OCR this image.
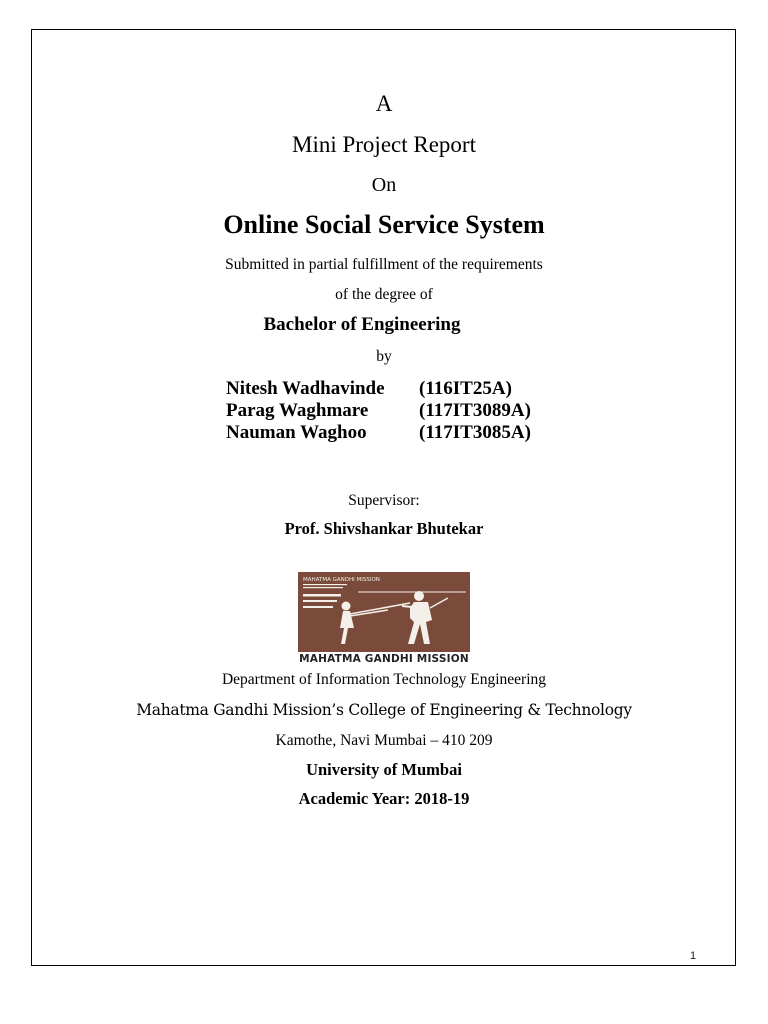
A
Mini Project Report
On
Online Social Service System
Submitted in partial fulfillment of the requirements
of the degree of
Bachelor of Engineering
by
Nitesh Wadhavinde (116IT25A)
Parag Waghmare	(117IT3089A)
Nauman Waghoo	(117IT3085A)
Supervisor:
Prof. Shivshankar Bhutekar
MAHATMA GANDHI MISSION
MAHATMA GANDHI MISSION
Department of Information Technology Engineering
Mahatma Gandhi Mission’s College of Engineering & Technology
Kamothe, Navi Mumbai – 410 209
University of Mumbai
Academic Year: 2018-19
1
